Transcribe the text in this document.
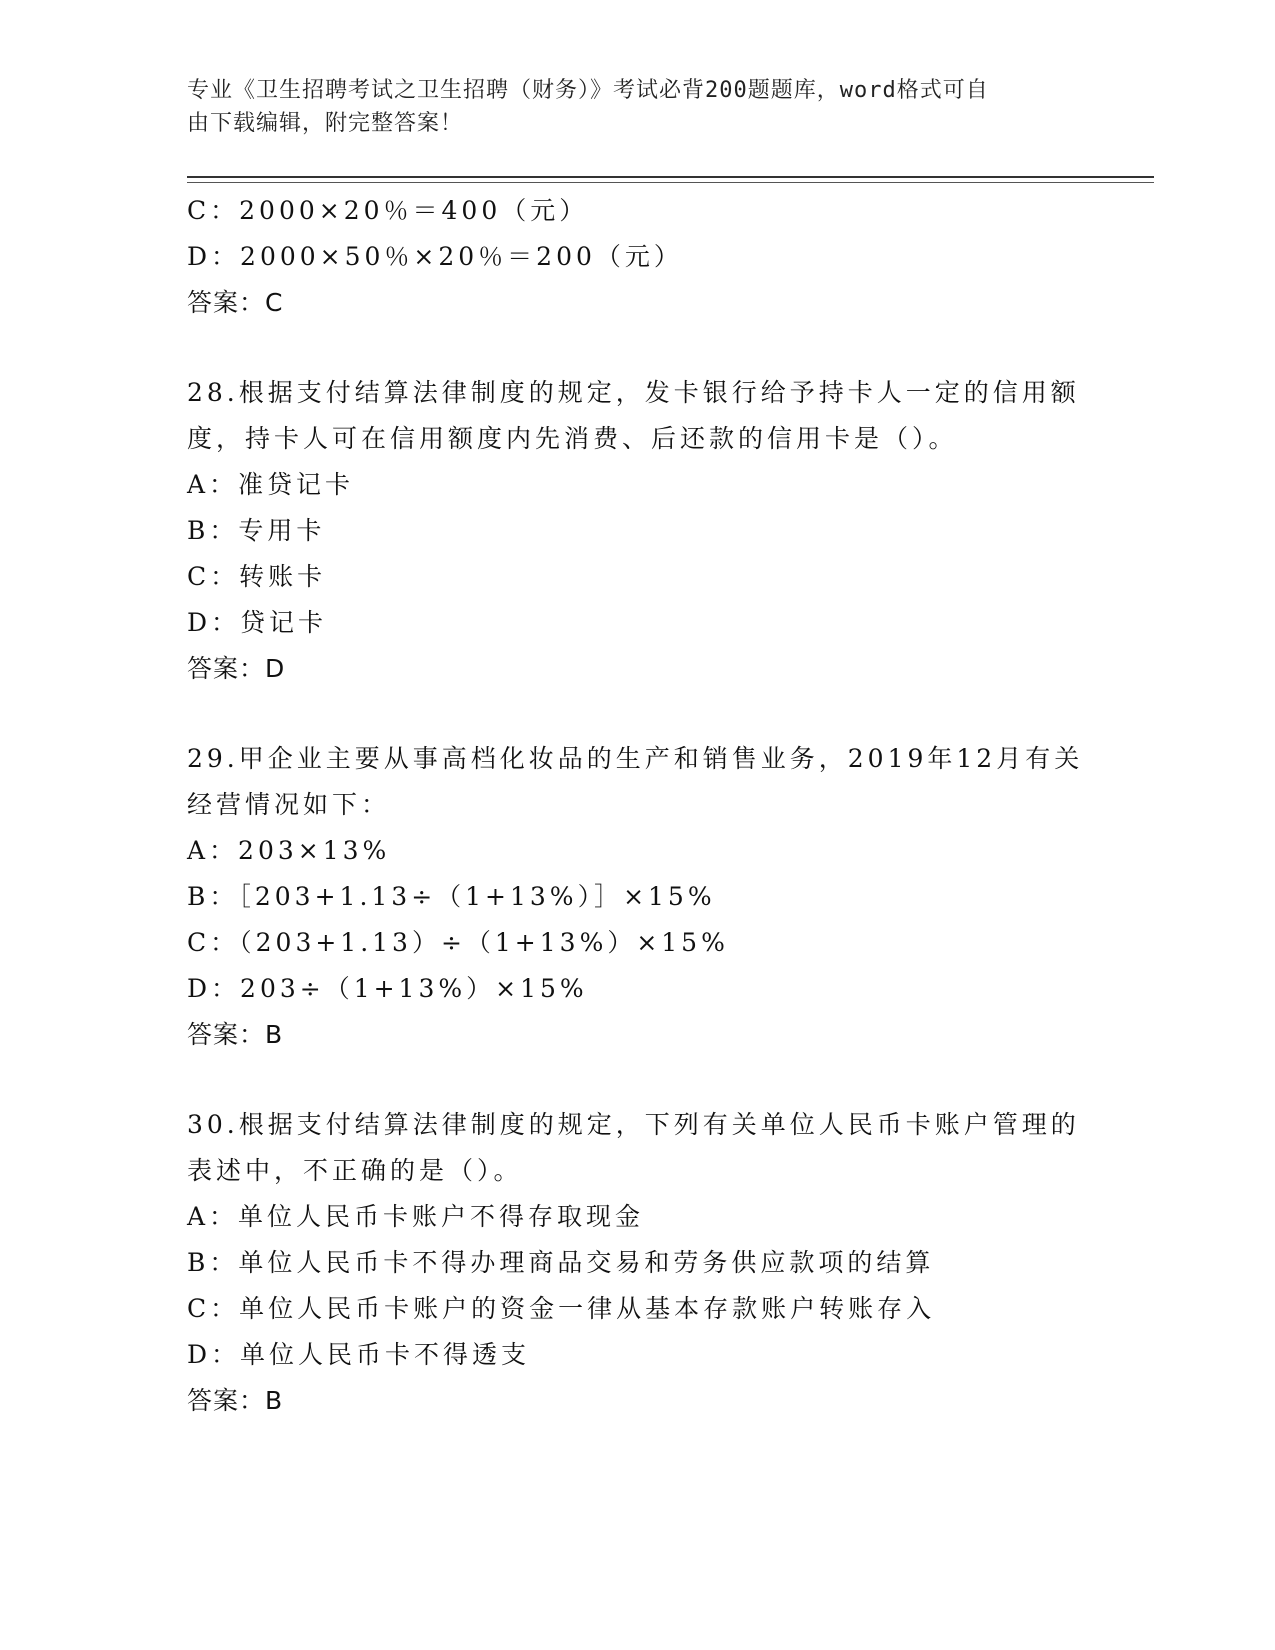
专业《卫生招聘考试之卫生招聘（财务）》考试必背200题题库，word格式可自
由下载编辑，附完整答案！
C：2000×20％＝400（元）
D：2000×50％×20％＝200（元）
答案：C
28.根据支付结算法律制度的规定，发卡银行给予持卡人一定的信用额
度，持卡人可在信用额度内先消费、后还款的信用卡是（）。
A：准贷记卡
B：专用卡
C：转账卡
D：贷记卡
答案：D
29.甲企业主要从事高档化妆品的生产和销售业务，2019年12月有关
经营情况如下：
A：203×13%
B：［203+1.13÷（1+13%）］×15%
C：（203+1.13）÷（1+13%）×15%
D：203÷（1+13%）×15%
答案：B
30.根据支付结算法律制度的规定，下列有关单位人民币卡账户管理的
表述中，不正确的是（）。
A：单位人民币卡账户不得存取现金
B：单位人民币卡不得办理商品交易和劳务供应款项的结算
C：单位人民币卡账户的资金一律从基本存款账户转账存入
D：单位人民币卡不得透支
答案：B
